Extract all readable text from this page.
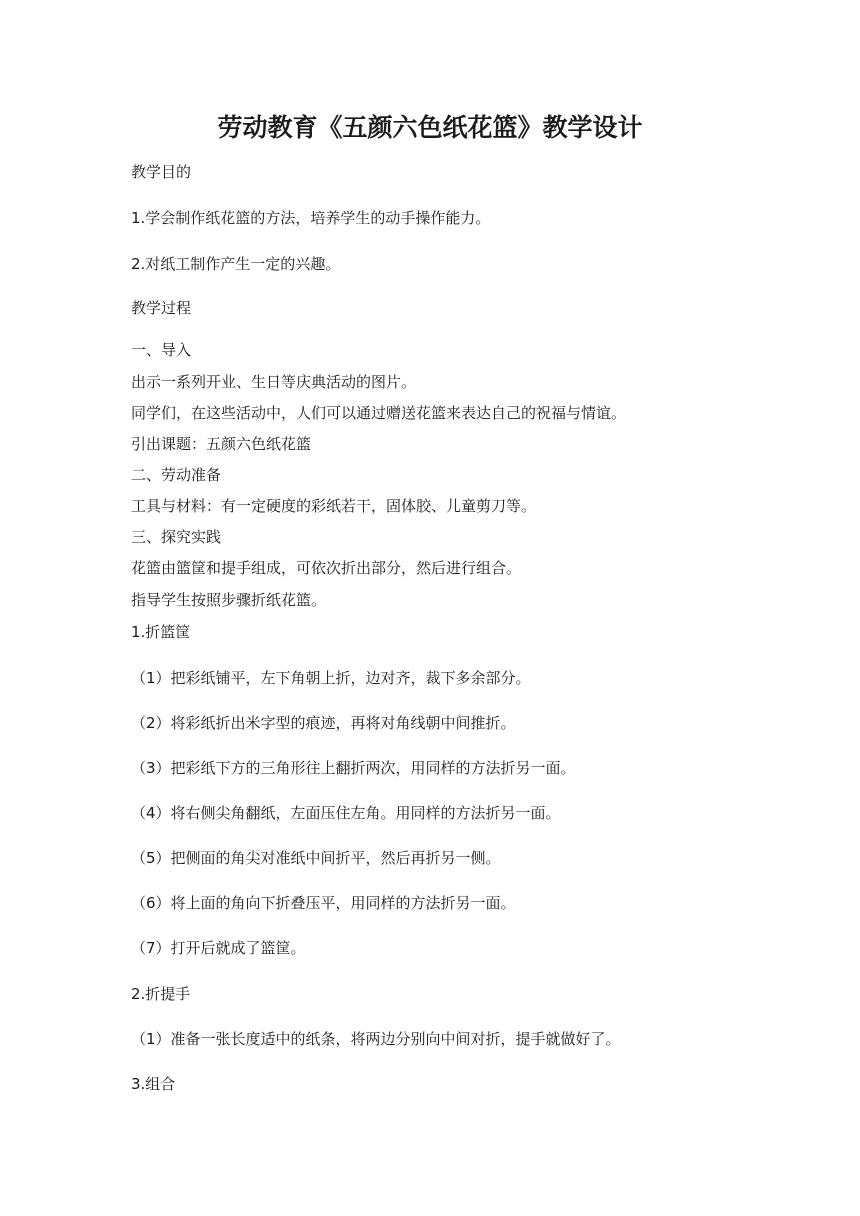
劳动教育《五颜六色纸花篮》教学设计
教学目的
1.学会制作纸花篮的方法，培养学生的动手操作能力。
2.对纸工制作产生一定的兴趣。
教学过程
一、导入
出示一系列开业、生日等庆典活动的图片。
同学们，在这些活动中，人们可以通过赠送花篮来表达自己的祝福与情谊。
引出课题：五颜六色纸花篮
二、劳动准备
工具与材料：有一定硬度的彩纸若干，固体胶、儿童剪刀等。
三、探究实践
花篮由篮筐和提手组成，可依次折出部分，然后进行组合。
指导学生按照步骤折纸花篮。
1.折篮筐
（1）把彩纸铺平，左下角朝上折，边对齐，裁下多余部分。
（2）将彩纸折出米字型的痕迹，再将对角线朝中间推折。
（3）把彩纸下方的三角形往上翻折两次，用同样的方法折另一面。
（4）将右侧尖角翻纸，左面压住左角。用同样的方法折另一面。
（5）把侧面的角尖对准纸中间折平，然后再折另一侧。
（6）将上面的角向下折叠压平，用同样的方法折另一面。
（7）打开后就成了篮筐。
2.折提手
（1）准备一张长度适中的纸条，将两边分别向中间对折，提手就做好了。
3.组合
